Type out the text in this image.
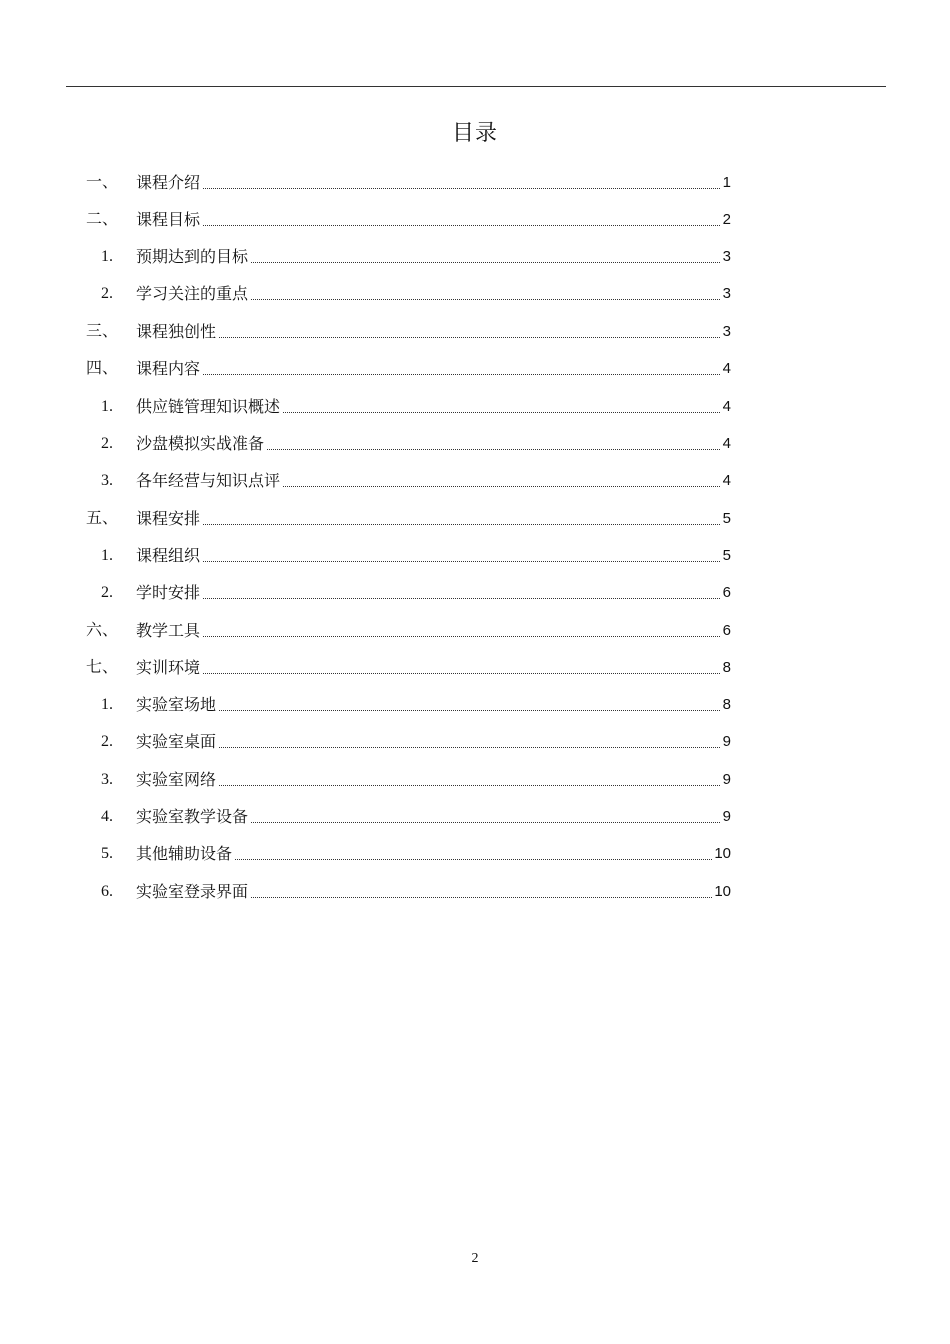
目录
一、 课程介绍	1
二、 课程目标	2
1. 预期达到的目标	3
2. 学习关注的重点	3
三、 课程独创性	3
四、 课程内容	4
1. 供应链管理知识概述	4
2. 沙盘模拟实战准备	4
3. 各年经营与知识点评	4
五、 课程安排	5
1. 课程组织	5
2. 学时安排	6
六、 教学工具	6
七、 实训环境	8
1. 实验室场地	8
2. 实验室桌面	9
3. 实验室网络	9
4. 实验室教学设备	9
5. 其他辅助设备	10
6. 实验室登录界面	10
2
